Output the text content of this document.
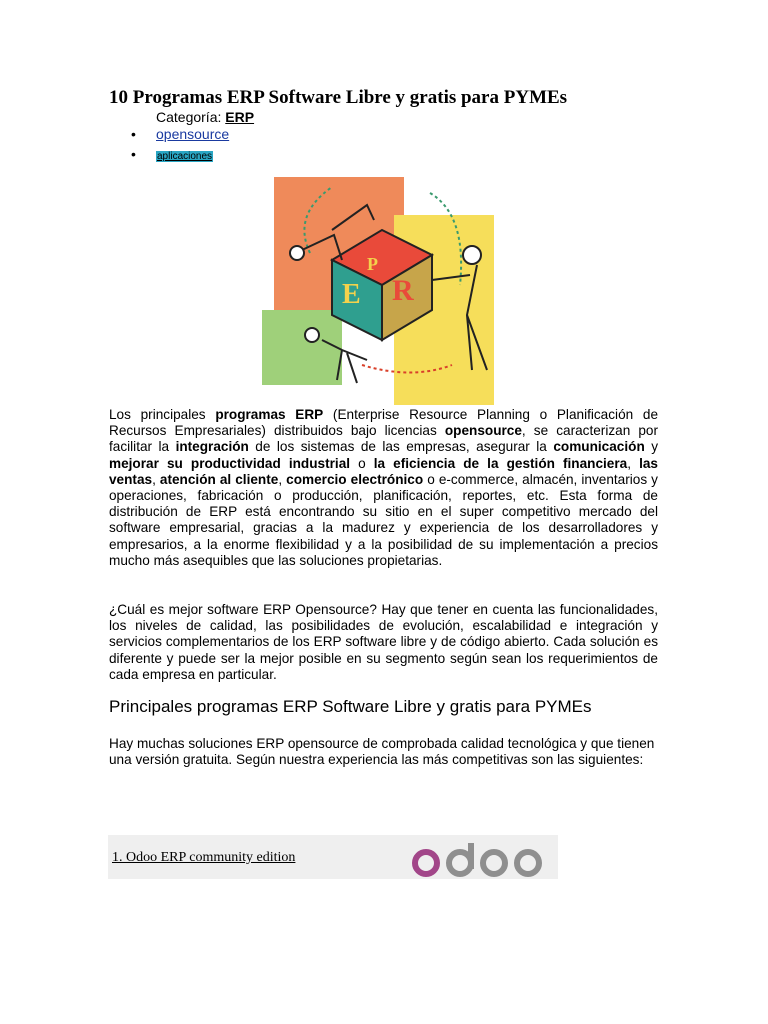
10 Programas ERP Software Libre y gratis para PYMEs
Categoría: ERP
• opensource
• aplicaciones
E R
P

Los principales programas ERP (Enterprise Resource Planning o Planificación de Recursos Empresariales) distribuidos bajo licencias opensource, se caracterizan por facilitar la integración de los sistemas de las empresas, asegurar la comunicación y mejorar su productividad industrial o la eficiencia de la gestión financiera, las ventas, atención al cliente, comercio electrónico o e-commerce, almacén, inventarios y operaciones, fabricación o producción, planificación, reportes, etc. Esta forma de distribución de ERP está encontrando su sitio en el super competitivo mercado del software empresarial, gracias a la madurez y experiencia de los desarrolladores y empresarios, a la enorme flexibilidad y a la posibilidad de su implementación a precios mucho más asequibles que las soluciones propietarias.

¿Cuál es mejor software ERP Opensource? Hay que tener en cuenta las funcionalidades, los niveles de calidad, las posibilidades de evolución, escalabilidad e integración y servicios complementarios de los ERP software libre y de código abierto. Cada solución es diferente y puede ser la mejor posible en su segmento según sean los requerimientos de cada empresa en particular.

Principales programas ERP Software Libre y gratis para PYMEs

Hay muchas soluciones ERP opensource de comprobada calidad tecnológica y que tienen una versión gratuita. Según nuestra experiencia las más competitivas son las siguientes:

1. Odoo ERP community edition
